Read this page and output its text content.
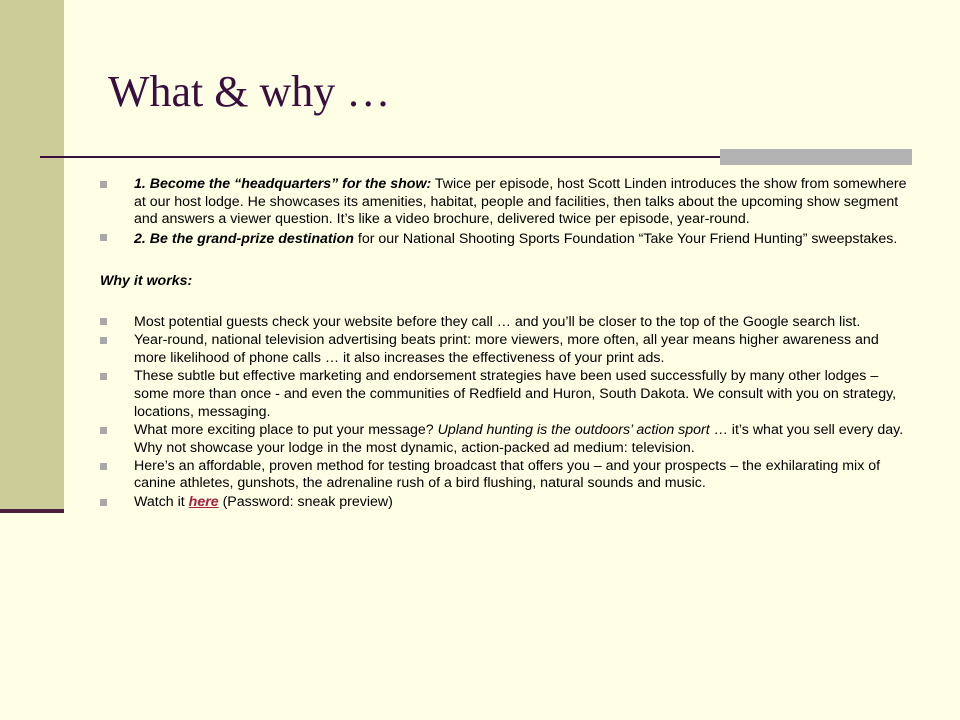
What & why …
1. Become the “headquarters” for the show: Twice per episode, host Scott Linden introduces the show from somewhere at our host lodge. He showcases its amenities, habitat, people and facilities, then talks about the upcoming show segment and answers a viewer question. It’s like a video brochure, delivered twice per episode, year-round.
2. Be the grand-prize destination for our National Shooting Sports Foundation “Take Your Friend Hunting” sweepstakes.
Why it works:
Most potential guests check your website before they call … and you’ll be closer to the top of the Google search list.
Year-round, national television advertising beats print: more viewers, more often, all year means higher awareness and more likelihood of phone calls … it also increases the effectiveness of your print ads.
These subtle but effective marketing and endorsement strategies have been used successfully by many other lodges – some more than once - and even the communities of Redfield and Huron, South Dakota. We consult with you on strategy, locations, messaging.
What more exciting place to put your message? Upland hunting is the outdoors’ action sport … it’s what you sell every day. Why not showcase your lodge in the most dynamic, action-packed ad medium: television.
Here’s an affordable, proven method for testing broadcast that offers you – and your prospects – the exhilarating mix of canine athletes, gunshots, the adrenaline rush of a bird flushing, natural sounds and music.
Watch it here (Password: sneak preview)
